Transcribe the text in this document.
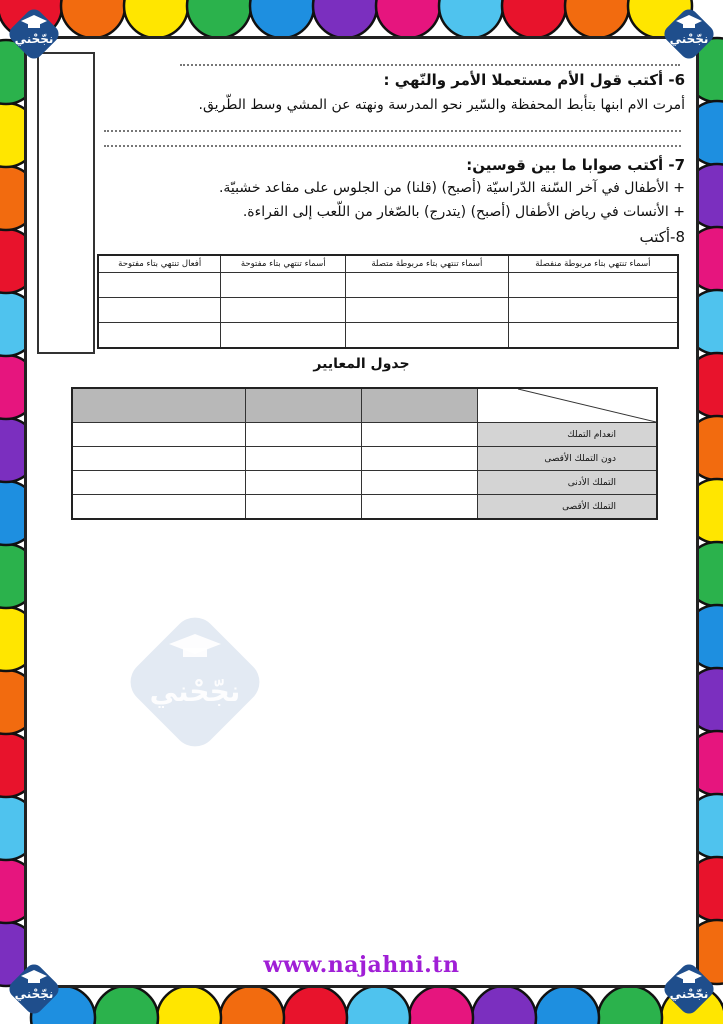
6- أكتب قول الأم مستعملا الأمر والنّهي :
أمرت الام ابنها بتأبط المحفظة والسّير نحو المدرسة ونهته عن المشي وسط الطّريق.
7- أكتب صوابا ما بين قوسين:
+ الأطفال في آخر السّنة الدّراسيّة (أصبح) (قلنا) من الجلوس على مقاعد خشبيّة.
+ الأنسات في رياض الأطفال (أصبح) (يتدرج) بالصّغار من اللّعب إلى القراءة.
8-أكتب
أسماء تنتهي بتاء مربوطة منفصلة	أسماء تنتهي بتاء مربوطة متصلة	أسماء تنتهي بتاء مفتوحة	أفعال تنتهي بتاء مفتوحة

جدول المعايير

انعدام التملك			
دون التملك الأقصى			
التملك الأدنى			
التملك الأقصى			
نجّحْني
نجّحْني	نجّحْني
نجّحْني	نجّحْني
www.najahni.tn
